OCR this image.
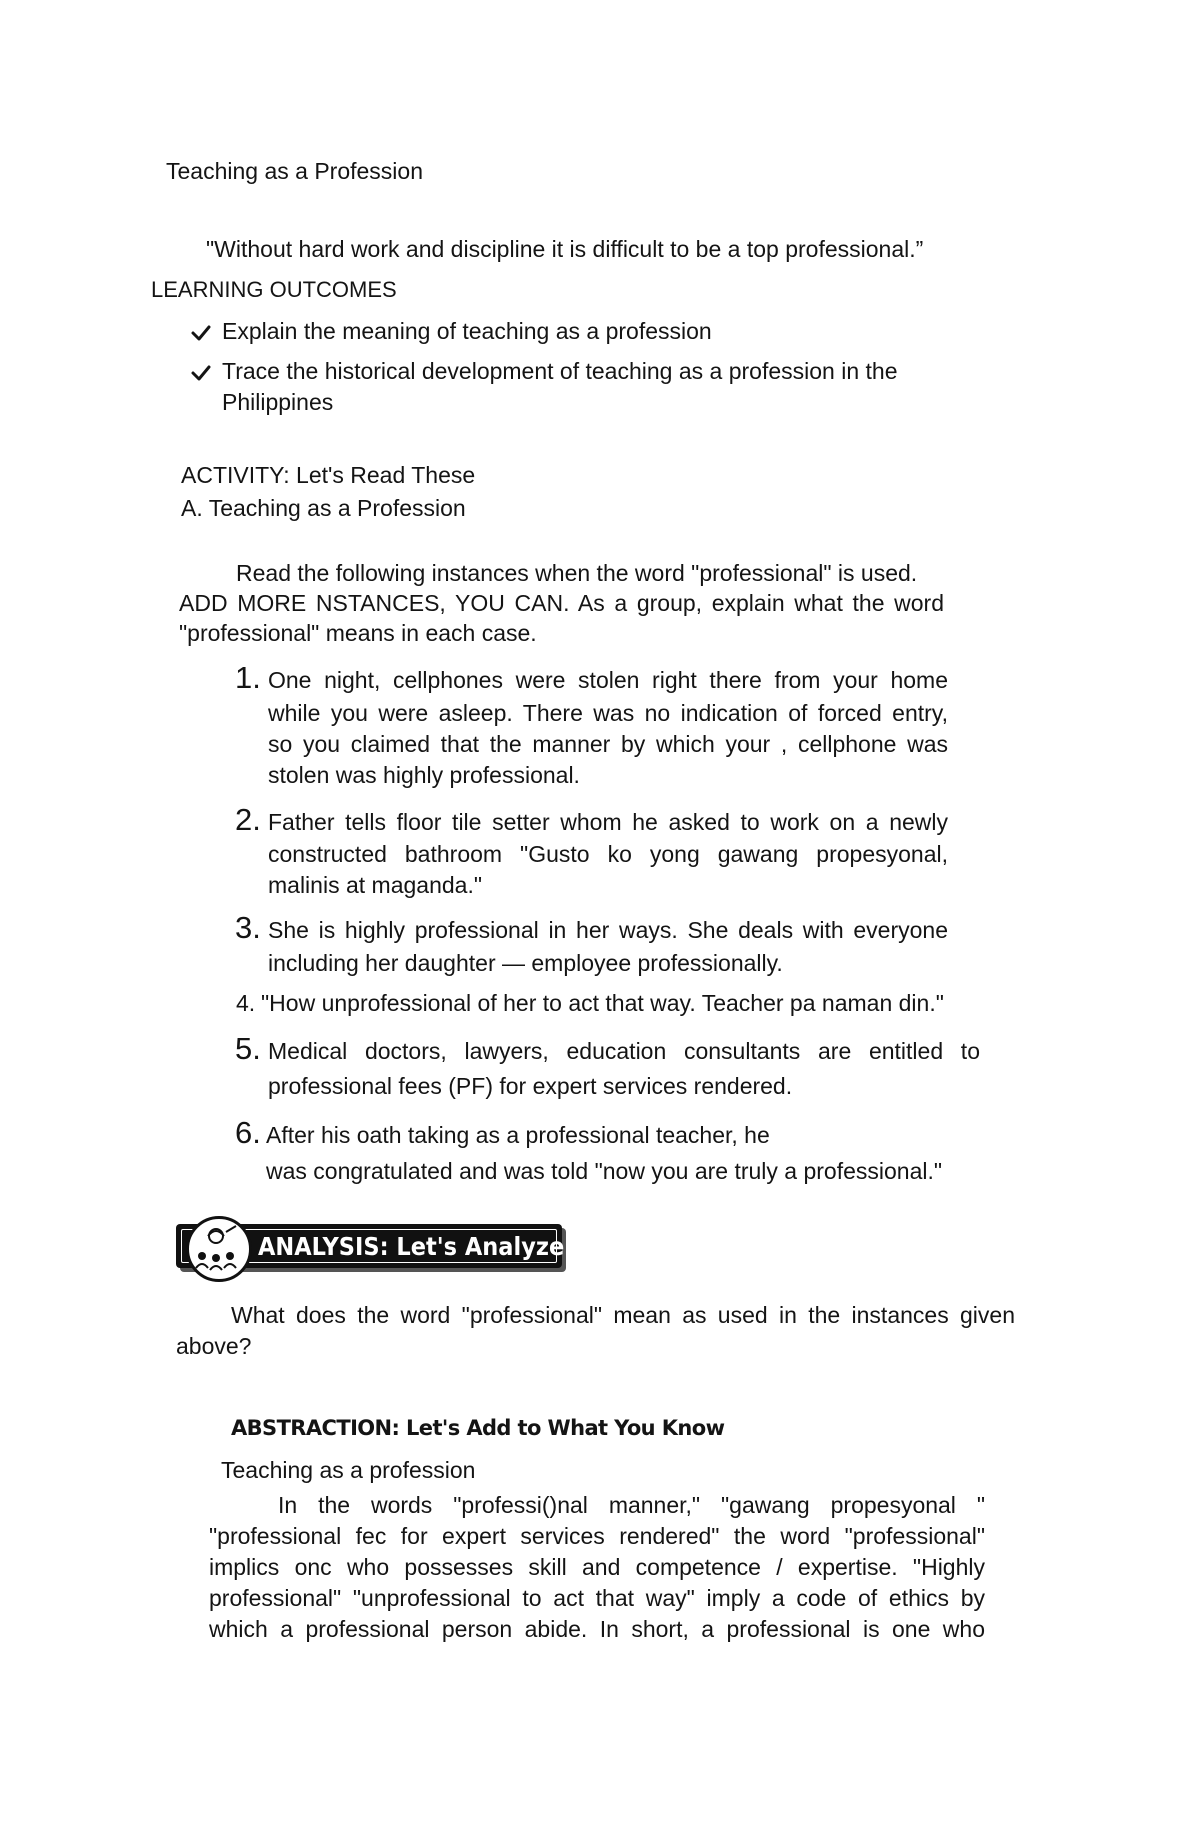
Teaching as a Profession
"Without hard work and discipline it is difficult to be a top professional.”
LEARNING OUTCOMES
Explain the meaning of teaching as a profession
Trace the historical development of teaching as a profession in the
Philippines
ACTIVITY: Let's Read These
A. Teaching as a Profession
Read the following instances when the word "professional" is used.
ADD MORE NSTANCES, YOU CAN. As a group, explain what the word
"professional" means in each case.
1. One night, cellphones were stolen right there from your home
while you were asleep. There was no indication of forced entry,
so you claimed that the manner by which your , cellphone was
stolen was highly professional.
2. Father tells floor tile setter whom he asked to work on a newly
constructed bathroom "Gusto ko yong gawang propesyonal,
malinis at maganda."
3. She is highly professional in her ways. She deals with everyone
including her daughter — employee professionally.
4. "How unprofessional of her to act that way. Teacher pa naman din."
5. Medical doctors, lawyers, education consultants are entitled to
professional fees (PF) for expert services rendered.
6. After his oath taking as a professional teacher, he
was congratulated and was told "now you are truly a professional."
ANALYSIS: Let's Analyze
What does the word "professional" mean as used in the instances given
above?
ABSTRACTION: Let's Add to What You Know
Teaching as a profession
In the words "professi()nal manner," "gawang propesyonal "
"professional fec for expert services rendered" the word "professional"
implics onc who possesses skill and competence / expertise. "Highly
professional" "unprofessional to act that way" imply a code of ethics by
which a professional person abide. In short, a professional is one who
